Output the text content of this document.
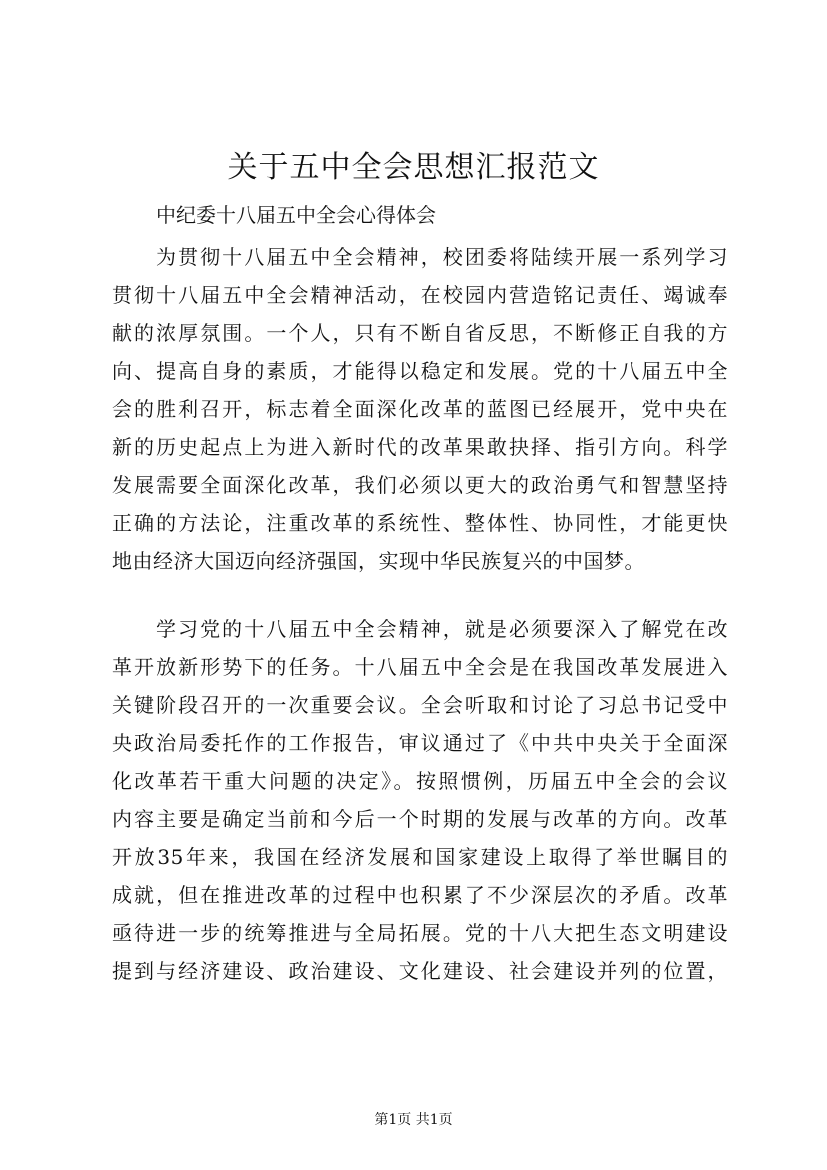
关于五中全会思想汇报范文

中纪委十八届五中全会心得体会

为贯彻十八届五中全会精神，校团委将陆续开展一系列学习
贯彻十八届五中全会精神活动，在校园内营造铭记责任、竭诚奉
献的浓厚氛围。一个人，只有不断自省反思，不断修正自我的方
向、提高自身的素质，才能得以稳定和发展。党的十八届五中全
会的胜利召开，标志着全面深化改革的蓝图已经展开，党中央在
新的历史起点上为进入新时代的改革果敢抉择、指引方向。科学
发展需要全面深化改革，我们必须以更大的政治勇气和智慧坚持
正确的方法论，注重改革的系统性、整体性、协同性，才能更快
地由经济大国迈向经济强国，实现中华民族复兴的中国梦。
学习党的十八届五中全会精神，就是必须要深入了解党在改
革开放新形势下的任务。十八届五中全会是在我国改革发展进入
关键阶段召开的一次重要会议。全会听取和讨论了习总书记受中
央政治局委托作的工作报告，审议通过了《中共中央关于全面深
化改革若干重大问题的决定》。按照惯例，历届五中全会的会议
内容主要是确定当前和今后一个时期的发展与改革的方向。改革
开放35年来，我国在经济发展和国家建设上取得了举世瞩目的
成就，但在推进改革的过程中也积累了不少深层次的矛盾。改革
亟待进一步的统筹推进与全局拓展。党的十八大把生态文明建设
提到与经济建设、政治建设、文化建设、社会建设并列的位置，
第1页 共1页
